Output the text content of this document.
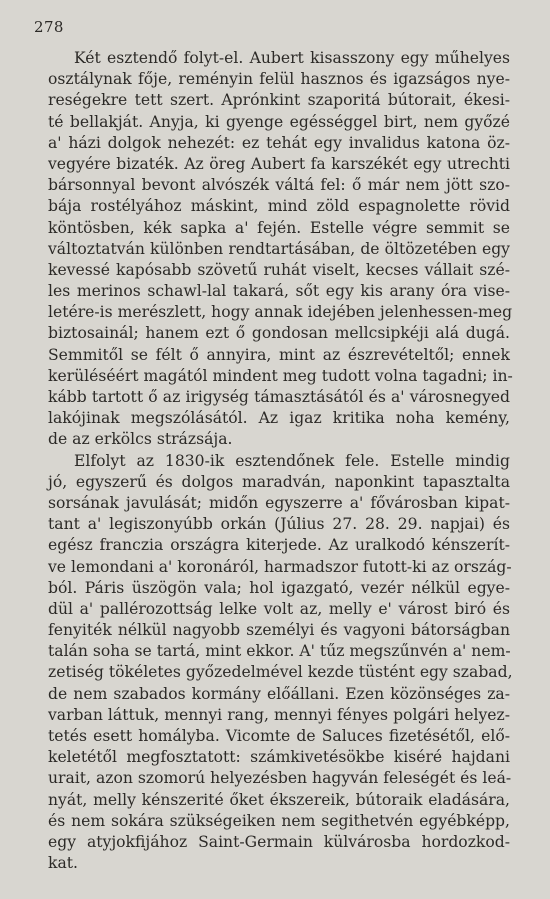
278
Két esztendő folyt-el. Aubert kisasszony egy műhelyes
osztálynak fője, reményin felül hasznos és igazságos nye-
reségekre tett szert. Aprónkint szaporitá bútorait, ékesi-
té bellakját. Anyja, ki gyenge egésséggel birt, nem győzé
a' házi dolgok nehezét: ez tehát egy invalidus katona öz-
vegyére bizaték. Az öreg Aubert fa karszékét egy utrechti
bársonnyal bevont alvószék váltá fel: ő már nem jött szo-
bája rostélyához máskint, mind zöld espagnolette rövid
köntösben, kék sapka a' fején. Estelle végre semmit se
változtatván különben rendtartásában, de öltözetében egy
kevessé kapósabb szövetű ruhát viselt, kecses vállait szé-
les merinos schawl-lal takará, sőt egy kis arany óra vise-
letére-is merészlett, hogy annak idejében jelenhessen-meg
biztosainál; hanem ezt ő gondosan mellcsipkéji alá dugá.
Semmitől se félt ő annyira, mint az észrevételtől; ennek
kerüléséért magától mindent meg tudott volna tagadni; in-
kább tartott ő az irigység támasztásától és a' városnegyed
lakójinak megszólásától. Az igaz kritika noha kemény,
de az erkölcs strázsája.
Elfolyt az 1830-ik esztendőnek fele. Estelle mindig
jó, egyszerű és dolgos maradván, naponkint tapasztalta
sorsának javulását; midőn egyszerre a' fővárosban kipat-
tant a' legiszonyúbb orkán (Július 27. 28. 29. napjai) és
egész franczia országra kiterjede. Az uralkodó kénszerít-
ve lemondani a' koronáról, harmadszor futott-ki az ország-
ból. Páris üszögön vala; hol igazgató, vezér nélkül egye-
dül a' pallérozottság lelke volt az, melly e' várost biró és
fenyiték nélkül nagyobb személyi és vagyoni bátorságban
talán soha se tartá, mint ekkor. A' tűz megszűnvén a' nem-
zetiség tökéletes győzedelmével kezde tüstént egy szabad,
de nem szabados kormány előállani. Ezen közönséges za-
varban láttuk, mennyi rang, mennyi fényes polgári helyez-
tetés esett homályba. Vicomte de Saluces fizetésétől, elő-
keletétől megfosztatott: számkivetésökbe kiséré hajdani
urait, azon szomorú helyezésben hagyván feleségét és leá-
nyát, melly kénszerité őket ékszereik, bútoraik eladására,
és nem sokára szükségeiken nem segithetvén egyébképp,
egy atyjokfijához Saint-Germain külvárosba hordozkod-
kat.
